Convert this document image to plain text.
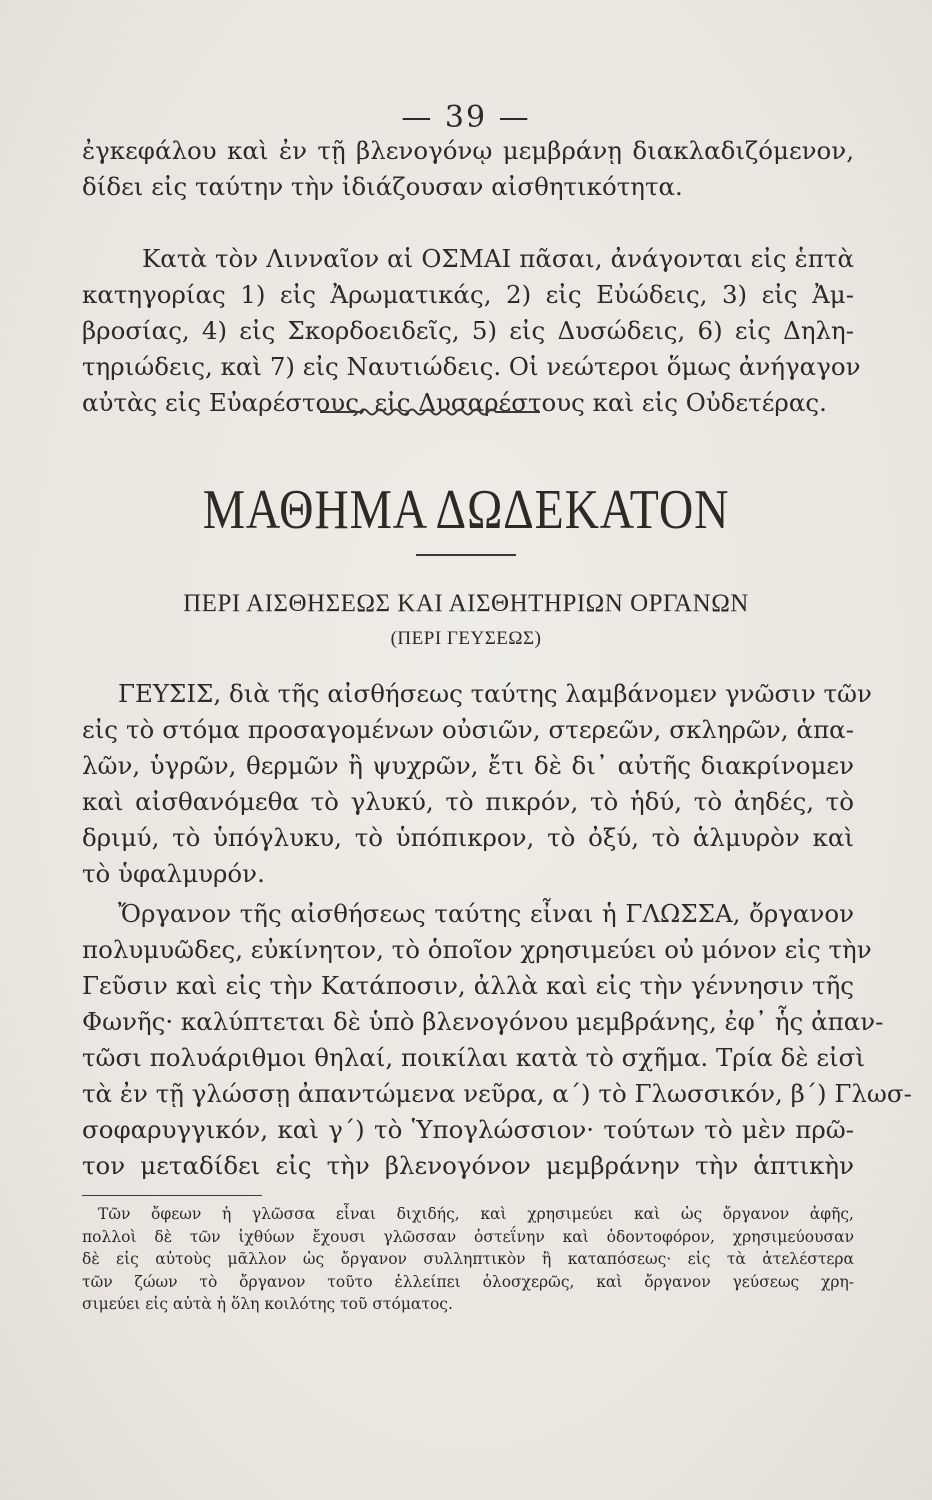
— 39 —

ἐγκεφάλου καὶ ἐν τῇ βλενογόνῳ μεμβράνῃ διακλαδιζόμενον,
δίδει εἰς ταύτην τὴν ἰδιάζουσαν αἰσθητικότητα.

Κατὰ τὸν Λινναῖον αἱ ΟΣΜΑΙ πᾶσαι, ἀνάγονται εἰς ἑπτὰ
κατηγορίας 1) εἰς Ἀρωματικάς, 2) εἰς Εὐώδεις, 3) εἰς Ἀμ-
βροσίας, 4) εἰς Σκορδοειδεῖς, 5) εἰς Δυσώδεις, 6) εἰς Δηλη-
τηριώδεις, καὶ 7) εἰς Ναυτιώδεις. Οἱ νεώτεροι ὅμως ἀνήγαγον
αὐτὰς εἰς Εὐαρέστους, εἰς Δυσαρέστους καὶ εἰς Οὐδετέρας.

ΜΑΘΗΜΑ ΔΩΔΕΚΑΤΟΝ
ΠΕΡΙ ΑΙΣΘΗΣΕΩΣ ΚΑΙ ΑΙΣΘΗΤΗΡΙΩΝ ΟΡΓΑΝΩΝ
(ΠΕΡΙ ΓΕΥΣΕΩΣ)

ΓΕΥΣΙΣ, διὰ τῆς αἰσθήσεως ταύτης λαμβάνομεν γνῶσιν τῶν
εἰς τὸ στόμα προσαγομένων οὐσιῶν, στερεῶν, σκληρῶν, ἁπα-
λῶν, ὑγρῶν, θερμῶν ἢ ψυχρῶν, ἔτι δὲ δι᾽ αὐτῆς διακρίνομεν
καὶ αἰσθανόμεθα τὸ γλυκύ, τὸ πικρόν, τὸ ἡδύ, τὸ ἀηδές, τὸ
δριμύ, τὸ ὑπόγλυκυ, τὸ ὑπόπικρον, τὸ ὀξύ, τὸ ἁλμυρὸν καὶ
τὸ ὑφαλμυρόν.

Ὄργανον τῆς αἰσθήσεως ταύτης εἶναι ἡ ΓΛΩΣΣΑ, ὄργανον
πολυμυῶδες, εὐκίνητον, τὸ ὁποῖον χρησιμεύει οὐ μόνον εἰς τὴν
Γεῦσιν καὶ εἰς τὴν Κατάποσιν, ἀλλὰ καὶ εἰς τὴν γέννησιν τῆς
Φωνῆς· καλύπτεται δὲ ὑπὸ βλενογόνου μεμβράνης, ἐφ᾽ ἧς ἀπαν-
τῶσι πολυάριθμοι θηλαί, ποικίλαι κατὰ τὸ σχῆμα. Τρία δὲ εἰσὶ
τὰ ἐν τῇ γλώσσῃ ἀπαντώμενα νεῦρα, α΄) τὸ Γλωσσικόν, β΄) Γλωσ-
σοφαρυγγικόν, καὶ γ΄) τὸ Ὑπογλώσσιον· τούτων τὸ μὲν πρῶ-
τον μεταδίδει εἰς τὴν βλενογόνον μεμβράνην τὴν ἁπτικὴν

Τῶν ὄφεων ἡ γλῶσσα εἶναι διχιδής, καὶ χρησιμεύει καὶ ὡς ὄργανον ἀφῆς,
πολλοὶ δὲ τῶν ἰχθύων ἔχουσι γλῶσσαν ὀστεΐνην καὶ ὀδοντοφόρον, χρησιμεύουσαν
δὲ εἰς αὐτοὺς μᾶλλον ὡς ὄργανον συλληπτικὸν ἢ καταπόσεως· εἰς τὰ ἀτελέστερα
τῶν ζώων τὸ ὄργανον τοῦτο ἐλλείπει ὁλοσχερῶς, καὶ ὄργανον γεύσεως χρη-
σιμεύει εἰς αὐτὰ ἡ ὅλη κοιλότης τοῦ στόματος.
